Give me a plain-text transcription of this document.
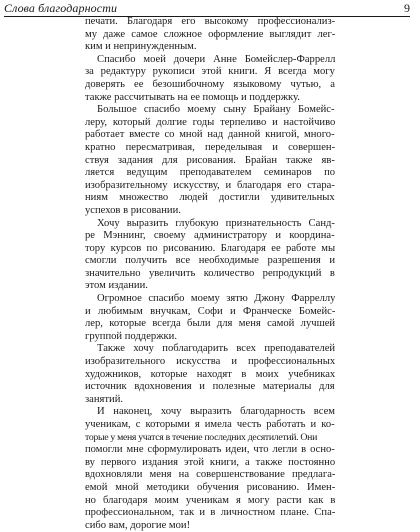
Слова благодарности	9

печати. Благодаря его высокому профессионализ-
му даже самое сложное оформление выглядит лег-
ким и непринужденным.

Спасибо моей дочери Анне Бомейслер-Фаррелл
за редактуру рукописи этой книги. Я всегда могу
доверять ее безошибочному языковому чутью, а
также рассчитывать на ее помощь и поддержку.

Большое спасибо моему сыну Брайану Бомейс-
леру, который долгие годы терпеливо и настойчиво
работает вместе со мной над данной книгой, много-
кратно пересматривая, переделывая и совершен-
ствуя задания для рисования. Брайан также яв-
ляется ведущим преподавателем семинаров по
изобразительному искусству, и благодаря его стара-
ниям множество людей достигли удивительных
успехов в рисовании.

Хочу выразить глубокую признательность Санд-
ре Мэннинг, своему администратору и координа-
тору курсов по рисованию. Благодаря ее работе мы
смогли получить все необходимые разрешения и
значительно увеличить количество репродукций в
этом издании.

Огромное спасибо моему зятю Джону Фарреллу
и любимым внучкам, Софи и Франческе Бомейс-
лер, которые всегда были для меня самой лучшей
группой поддержки.

Также хочу поблагодарить всех преподавателей
изобразительного искусства и профессиональных
художников, которые находят в моих учебниках
источник вдохновения и полезные материалы для
занятий.

И наконец, хочу выразить благодарность всем
ученикам, с которыми я имела честь работать и ко-
торые у меня учатся в течение последних десятилетий. Они
помогли мне сформулировать идеи, что легли в осно-
ву первого издания этой книги, а также постоянно
вдохновляли меня на совершенствование предлага-
емой мной методики обучения рисованию. Имен-
но благодаря моим ученикам я могу расти как в
профессиональном, так и в личностном плане. Спа-
сибо вам, дорогие мои!
